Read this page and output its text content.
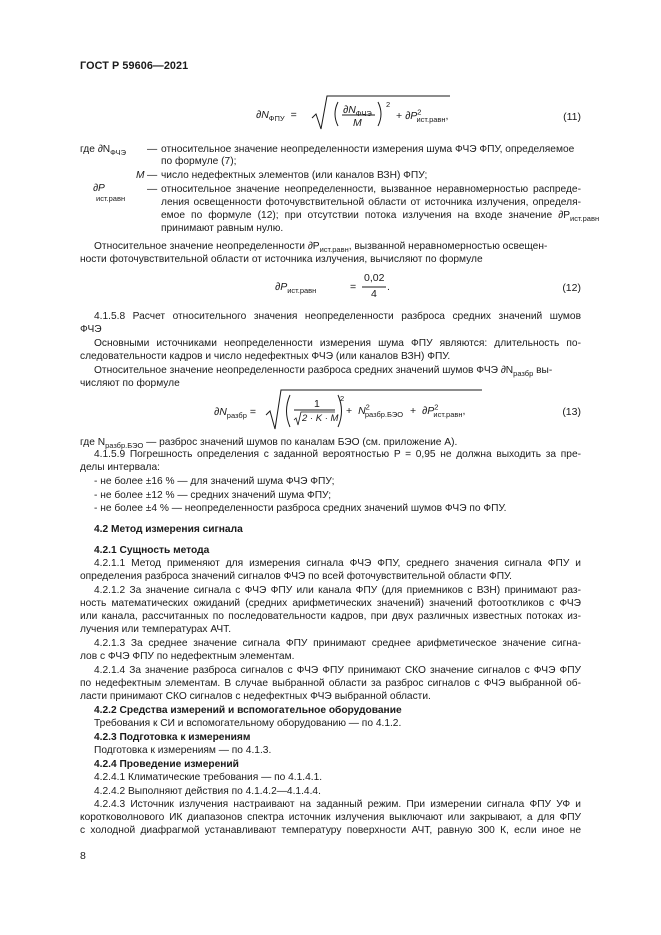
ГОСТ Р 59606—2021
$\partial N_{ФПУ}$ =	$\partial N_{ФЧЭ}$
M
2
+ $\partial P^2_{ист.равн}$,	(11)
где $\partial N_{ФЧЭ}$ — относительное значение неопределенности измерения шума ФЧЭ ФПУ, определяемое
по формуле (7);
M — число недефектных элементов (или каналов ВЗН) ФПУ;
∂P
ист.равн
— относительное значение неопределенности, вызванное неравномерностью распреде-
ления освещенности фоточувствительной области от источника излучения, определя-
емое по формуле (12); при отсутствии потока излучения на входе значение $\partial P_{ист.равн}$
принимают равным нулю.
Относительное значение неопределенности $\partial P_{ист.равн}$, вызванной неравномерностью освещен-
ности фоточувствительной области от источника излучения, вычисляют по формуле
$\partial P_{ист.равн}$	=
0,02
4
.	(12)
4.1.5.8 Расчет относительного значения неопределенности разброса средних значений шумов
ФЧЭ
Основными источниками неопределенности измерения шума ФПУ являются: длительность по-
следовательности кадров и число недефектных ФЧЭ (или каналов ВЗН) ФПУ.
Относительное значение неопределенности разброса средних значений шумов ФЧЭ $\partial N_{разбр}$ вы-
числяют по формуле
$\partial N_{разбр}$ =
1
2 · K · M
2
+ $N^2_{разбр.БЭО} + \partial P^2_{ист.равн}$,	(13)
где $N_{разбр.БЭО}$ — разброс значений шумов по каналам БЭО (см. приложение А).
4.1.5.9 Погрешность определения с заданной вероятностью P = 0,95 не должна выходить за пре-
делы интервала:
- не более ±16 % — для значений шума ФЧЭ ФПУ;
- не более ±12 % — средних значений шума ФПУ;
- не более ±4 % — неопределенности разброса средних значений шумов ФЧЭ по ФПУ.
4.2 Метод измерения сигнала
4.2.1 Сущность метода
4.2.1.1 Метод применяют для измерения сигнала ФЧЭ ФПУ, среднего значения сигнала ФПУ и
определения разброса значений сигналов ФЧЭ по всей фоточувствительной области ФПУ.
4.2.1.2 За значение сигнала с ФЧЭ ФПУ или канала ФПУ (для приемников с ВЗН) принимают раз-
ность математических ожиданий (средних арифметических значений) значений фотооткликов с ФЧЭ
или канала, рассчитанных по последовательности кадров, при двух различных известных потоках из-
лучения или температурах АЧТ.
4.2.1.3 За среднее значение сигнала ФПУ принимают среднее арифметическое значение сигна-
лов с ФЧЭ ФПУ по недефектным элементам.
4.2.1.4 За значение разброса сигналов с ФЧЭ ФПУ принимают СКО значение сигналов с ФЧЭ ФПУ
по недефектным элементам. В случае выбранной области за разброс сигналов с ФЧЭ выбранной об-
ласти принимают СКО сигналов с недефектных ФЧЭ выбранной области.
4.2.2 Средства измерений и вспомогательное оборудование
Требования к СИ и вспомогательному оборудованию — по 4.1.2.
4.2.3 Подготовка к измерениям
Подготовка к измерениям — по 4.1.3.
4.2.4 Проведение измерений
4.2.4.1 Климатические требования — по 4.1.4.1.
4.2.4.2 Выполняют действия по 4.1.4.2—4.1.4.4.
4.2.4.3 Источник излучения настраивают на заданный режим. При измерении сигнала ФПУ УФ и
коротковолнового ИК диапазонов спектра источник излучения выключают или закрывают, а для ФПУ
с холодной диафрагмой устанавливают температуру поверхности АЧТ, равную 300 К, если иное не
8
